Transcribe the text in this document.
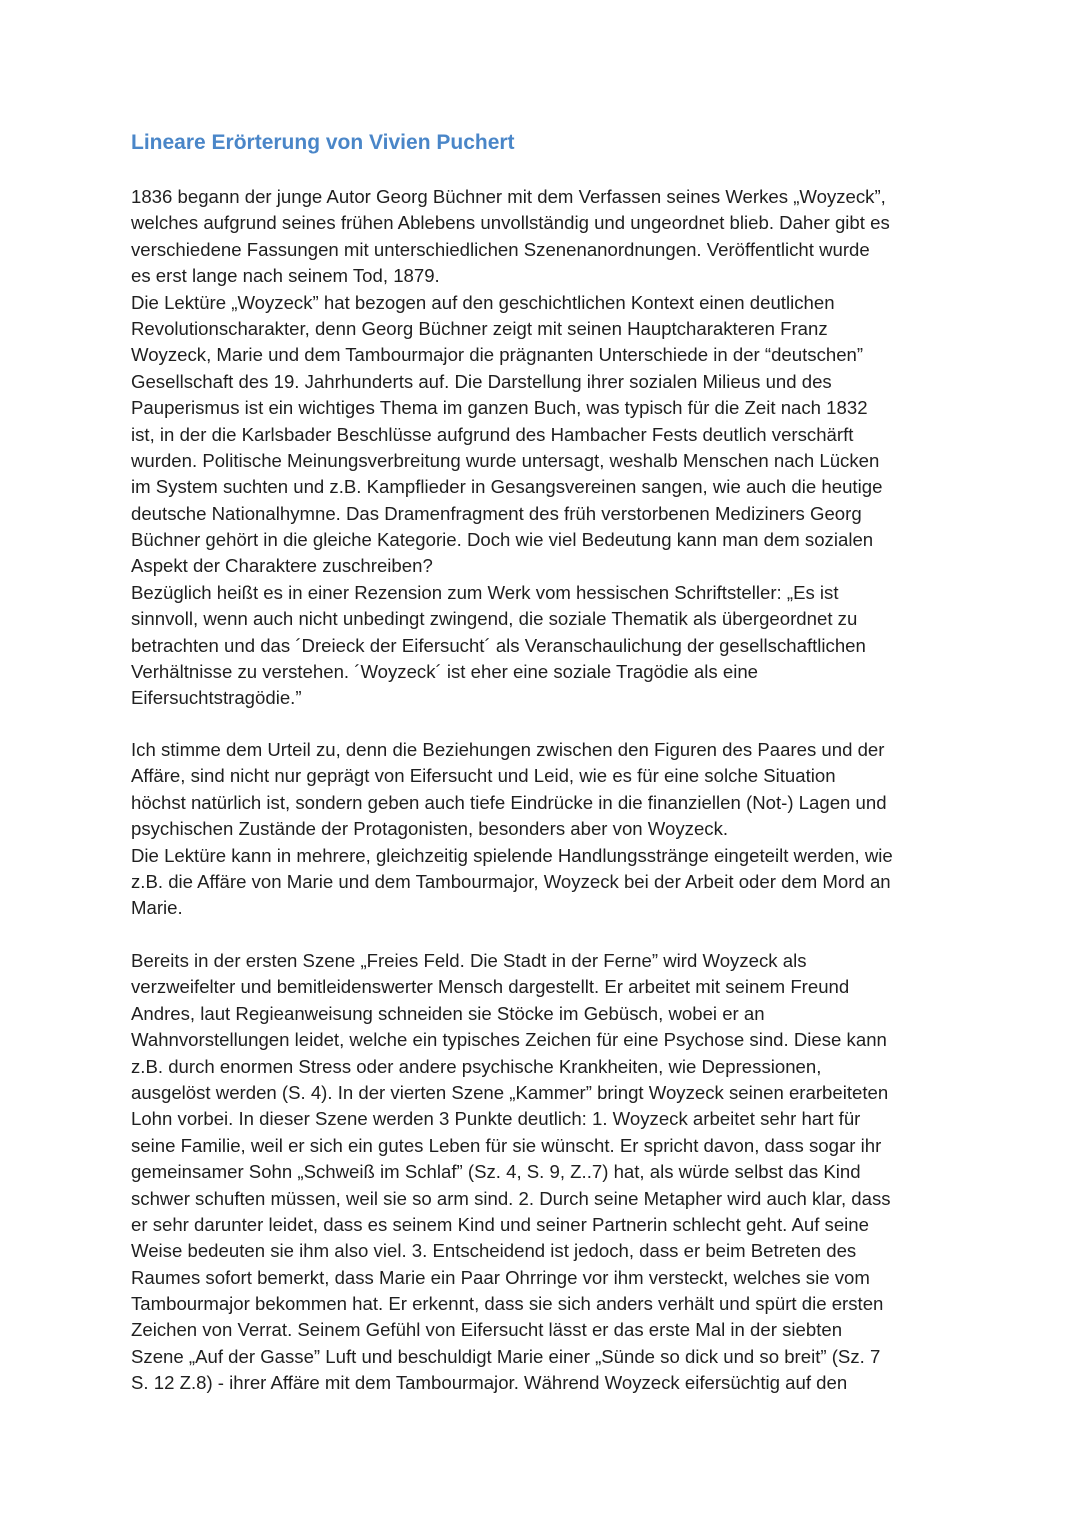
Lineare Erörterung von Vivien Puchert
1836 begann der junge Autor Georg Büchner mit dem Verfassen seines Werkes „Woyzeck”,
welches aufgrund seines frühen Ablebens unvollständig und ungeordnet blieb. Daher gibt es
verschiedene Fassungen mit unterschiedlichen Szenenanordnungen. Veröffentlicht wurde
es erst lange nach seinem Tod, 1879.
Die Lektüre „Woyzeck” hat bezogen auf den geschichtlichen Kontext einen deutlichen
Revolutionscharakter, denn Georg Büchner zeigt mit seinen Hauptcharakteren Franz
Woyzeck, Marie und dem Tambourmajor die prägnanten Unterschiede in der “deutschen”
Gesellschaft des 19. Jahrhunderts auf. Die Darstellung ihrer sozialen Milieus und des
Pauperismus ist ein wichtiges Thema im ganzen Buch, was typisch für die Zeit nach 1832
ist, in der die Karlsbader Beschlüsse aufgrund des Hambacher Fests deutlich verschärft
wurden. Politische Meinungsverbreitung wurde untersagt, weshalb Menschen nach Lücken
im System suchten und z.B. Kampflieder in Gesangsvereinen sangen, wie auch die heutige
deutsche Nationalhymne. Das Dramenfragment des früh verstorbenen Mediziners Georg
Büchner gehört in die gleiche Kategorie. Doch wie viel Bedeutung kann man dem sozialen
Aspekt der Charaktere zuschreiben?
Bezüglich heißt es in einer Rezension zum Werk vom hessischen Schriftsteller: „Es ist
sinnvoll, wenn auch nicht unbedingt zwingend, die soziale Thematik als übergeordnet zu
betrachten und das ´Dreieck der Eifersucht´ als Veranschaulichung der gesellschaftlichen
Verhältnisse zu verstehen. ´Woyzeck´ ist eher eine soziale Tragödie als eine
Eifersuchtstragödie.”
Ich stimme dem Urteil zu, denn die Beziehungen zwischen den Figuren des Paares und der
Affäre, sind nicht nur geprägt von Eifersucht und Leid, wie es für eine solche Situation
höchst natürlich ist, sondern geben auch tiefe Eindrücke in die finanziellen (Not-) Lagen und
psychischen Zustände der Protagonisten, besonders aber von Woyzeck.
Die Lektüre kann in mehrere, gleichzeitig spielende Handlungsstränge eingeteilt werden, wie
z.B. die Affäre von Marie und dem Tambourmajor, Woyzeck bei der Arbeit oder dem Mord an
Marie.
Bereits in der ersten Szene „Freies Feld. Die Stadt in der Ferne” wird Woyzeck als
verzweifelter und bemitleidenswerter Mensch dargestellt. Er arbeitet mit seinem Freund
Andres, laut Regieanweisung schneiden sie Stöcke im Gebüsch, wobei er an
Wahnvorstellungen leidet, welche ein typisches Zeichen für eine Psychose sind. Diese kann
z.B. durch enormen Stress oder andere psychische Krankheiten, wie Depressionen,
ausgelöst werden (S. 4). In der vierten Szene „Kammer” bringt Woyzeck seinen erarbeiteten
Lohn vorbei. In dieser Szene werden 3 Punkte deutlich: 1. Woyzeck arbeitet sehr hart für
seine Familie, weil er sich ein gutes Leben für sie wünscht. Er spricht davon, dass sogar ihr
gemeinsamer Sohn „Schweiß im Schlaf” (Sz. 4, S. 9, Z..7) hat, als würde selbst das Kind
schwer schuften müssen, weil sie so arm sind. 2. Durch seine Metapher wird auch klar, dass
er sehr darunter leidet, dass es seinem Kind und seiner Partnerin schlecht geht. Auf seine
Weise bedeuten sie ihm also viel. 3. Entscheidend ist jedoch, dass er beim Betreten des
Raumes sofort bemerkt, dass Marie ein Paar Ohrringe vor ihm versteckt, welches sie vom
Tambourmajor bekommen hat. Er erkennt, dass sie sich anders verhält und spürt die ersten
Zeichen von Verrat. Seinem Gefühl von Eifersucht lässt er das erste Mal in der siebten
Szene „Auf der Gasse” Luft und beschuldigt Marie einer „Sünde so dick und so breit” (Sz. 7
S. 12 Z.8) - ihrer Affäre mit dem Tambourmajor. Während Woyzeck eifersüchtig auf den
